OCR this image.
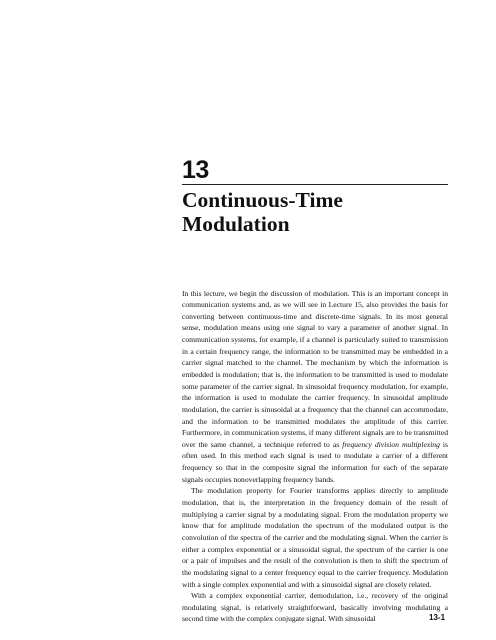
13
Continuous-Time
Modulation

In this lecture, we begin the discussion of modulation. This is an important concept in communication systems and, as we will see in Lecture 15, also provides the basis for converting between continuous-time and discrete-time signals. In its most general sense, modulation means using one signal to vary a parameter of another signal. In communication systems, for example, if a channel is particularly suited to transmission in a certain frequency range, the information to be transmitted may be embedded in a carrier signal matched to the channel. The mechanism by which the information is embedded is modulation; that is, the information to be transmitted is used to modulate some parameter of the carrier signal. In sinusoidal frequency modulation, for example, the information is used to modulate the carrier frequency. In sinusoidal amplitude modulation, the carrier is sinusoidal at a frequency that the channel can accommodate, and the information to be transmitted modulates the amplitude of this carrier. Furthermore, in communication systems, if many different signals are to be transmitted over the same channel, a technique referred to as frequency division multiplexing is often used. In this method each signal is used to modulate a carrier of a different frequency so that in the composite signal the information for each of the separate signals occupies nonoverlapping frequency bands.

The modulation property for Fourier transforms applies directly to amplitude modulation, that is, the interpretation in the frequency domain of the result of multiplying a carrier signal by a modulating signal. From the modulation property we know that for amplitude modulation the spectrum of the modulated output is the convolution of the spectra of the carrier and the modulating signal. When the carrier is either a complex exponential or a sinusoidal signal, the spectrum of the carrier is one or a pair of impulses and the result of the convolution is then to shift the spectrum of the modulating signal to a center frequency equal to the carrier frequency. Modulation with a single complex exponential and with a sinusoidal signal are closely related.

With a complex exponential carrier, demodulation, i.e., recovery of the original modulating signal, is relatively straightforward, basically involving modulating a second time with the complex conjugate signal. With sinusoidal	13-1
